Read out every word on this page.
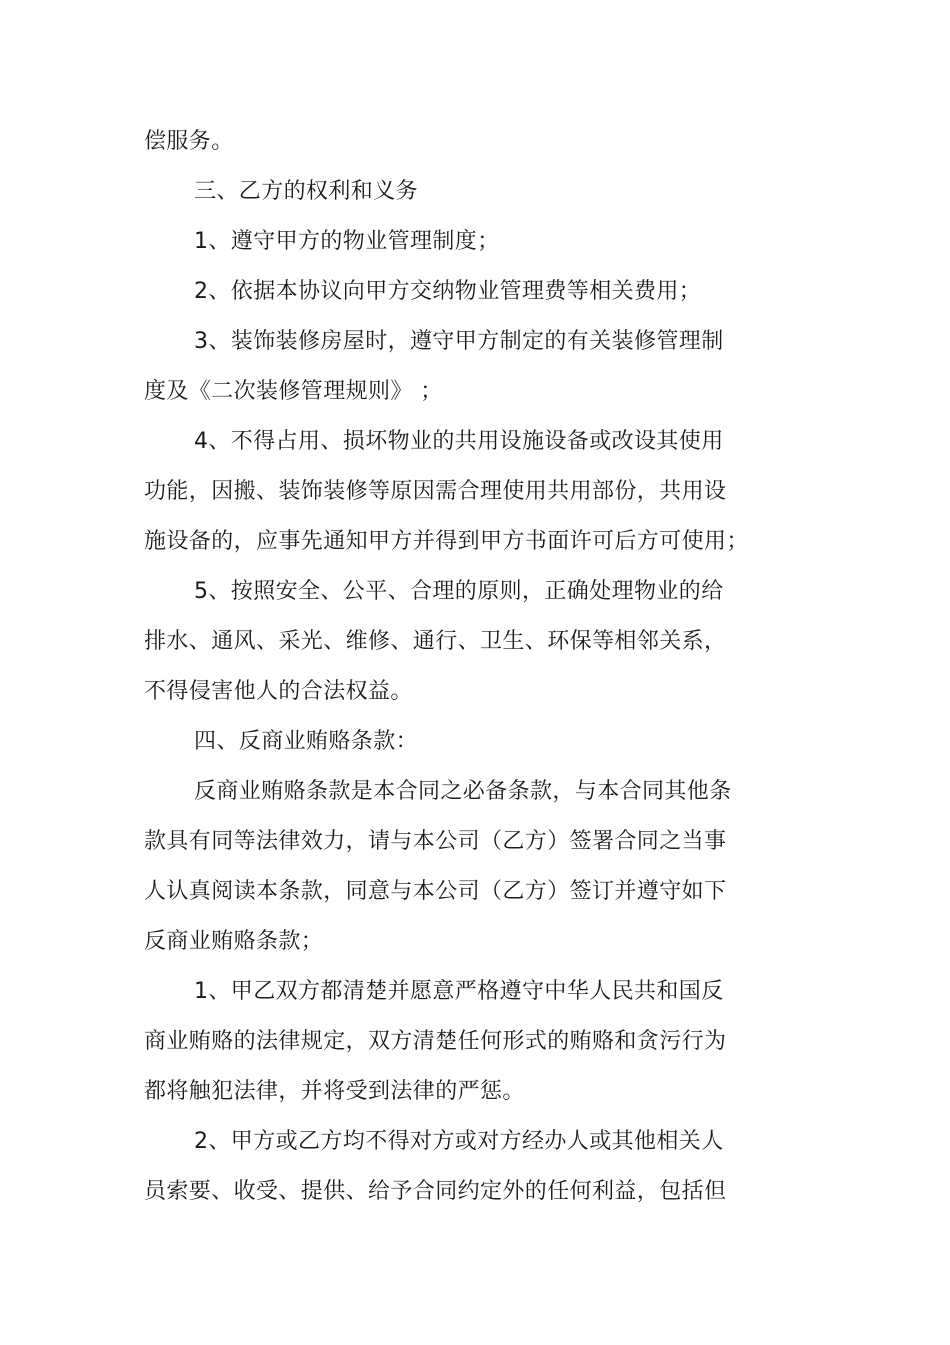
偿服务。
三、乙方的权利和义务
1、遵守甲方的物业管理制度；
2、依据本协议向甲方交纳物业管理费等相关费用；
3、装饰装修房屋时，遵守甲方制定的有关装修管理制
度及《二次装修管理规则》 ；
4、不得占用、损坏物业的共用设施设备或改设其使用
功能，因搬、装饰装修等原因需合理使用共用部份，共用设
施设备的，应事先通知甲方并得到甲方书面许可后方可使用；
5、按照安全、公平、合理的原则，正确处理物业的给
排水、通风、采光、维修、通行、卫生、环保等相邻关系，
不得侵害他人的合法权益。
四、反商业贿赂条款：
反商业贿赂条款是本合同之必备条款，与本合同其他条
款具有同等法律效力，请与本公司（乙方）签署合同之当事
人认真阅读本条款，同意与本公司（乙方）签订并遵守如下
反商业贿赂条款；
1、甲乙双方都清楚并愿意严格遵守中华人民共和国反
商业贿赂的法律规定，双方清楚任何形式的贿赂和贪污行为
都将触犯法律，并将受到法律的严惩。
2、甲方或乙方均不得对方或对方经办人或其他相关人
员索要、收受、提供、给予合同约定外的任何利益，包括但
